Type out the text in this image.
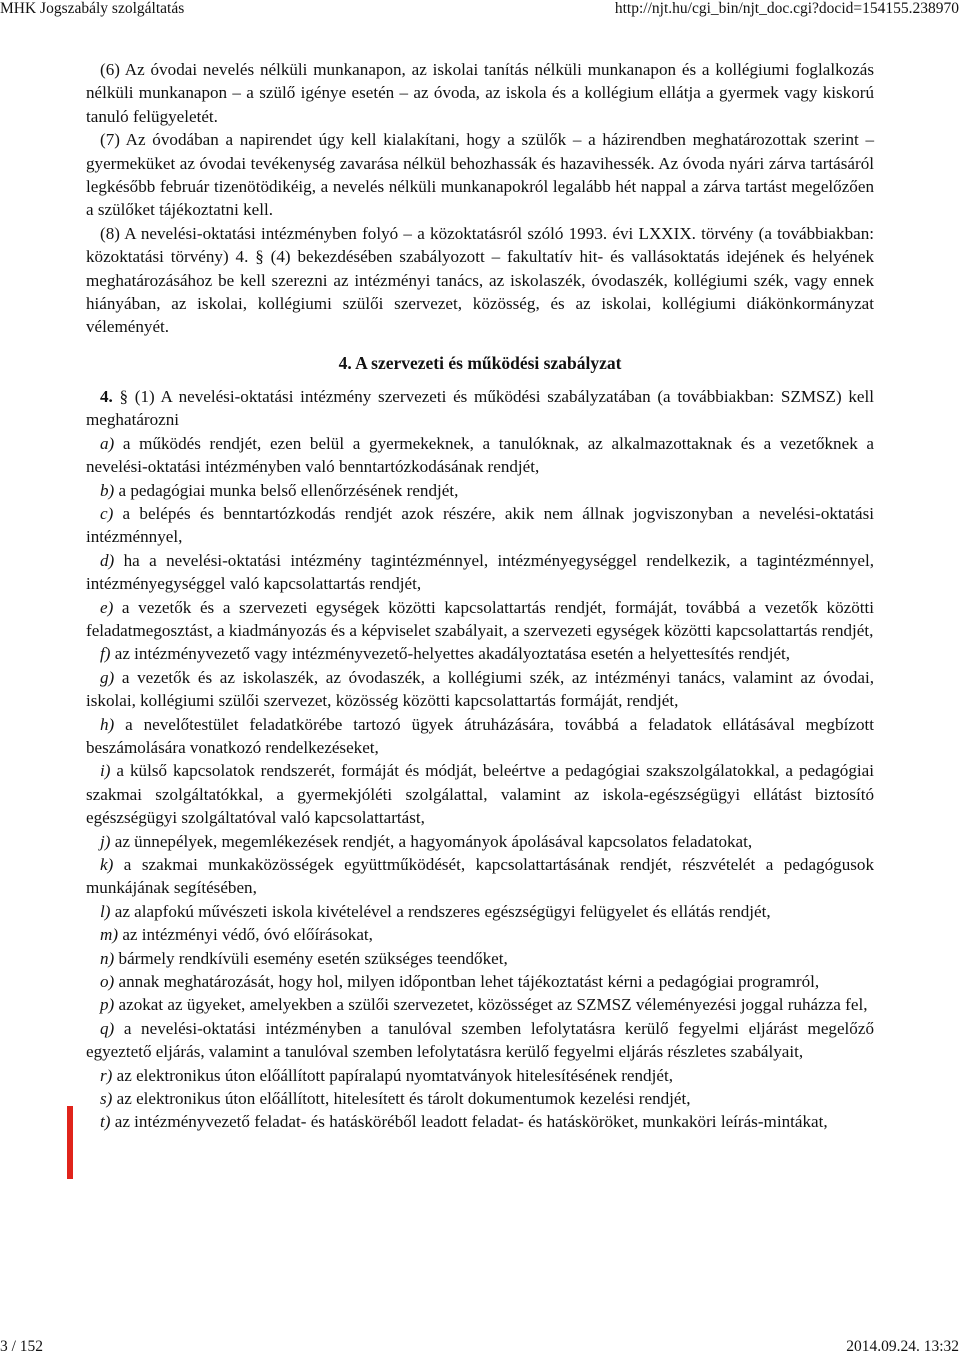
MHK Jogszabály szolgáltatás	http://njt.hu/cgi_bin/njt_doc.cgi?docid=154155.238970

(6) Az óvodai nevelés nélküli munkanapon, az iskolai tanítás nélküli munkanapon és a kollégiumi foglalkozás nélküli munkanapon – a szülő igénye esetén – az óvoda, az iskola és a kollégium ellátja a gyermek vagy kiskorú tanuló felügyeletét.

(7) Az óvodában a napirendet úgy kell kialakítani, hogy a szülők – a házirendben meghatározottak szerint – gyermeküket az óvodai tevékenység zavarása nélkül behozhassák és hazavihessék. Az óvoda nyári zárva tartásáról legkésőbb február tizenötödikéig, a nevelés nélküli munkanapokról legalább hét nappal a zárva tartást megelőzően a szülőket tájékoztatni kell.

(8) A nevelési-oktatási intézményben folyó – a közoktatásról szóló 1993. évi LXXIX. törvény (a továbbiakban: közoktatási törvény) 4. § (4) bekezdésében szabályozott – fakultatív hit- és vallásoktatás idejének és helyének meghatározásához be kell szerezni az intézményi tanács, az iskolaszék, óvodaszék, kollégiumi szék, vagy ennek hiányában, az iskolai, kollégiumi szülői szervezet, közösség, és az iskolai, kollégiumi diákönkormányzat véleményét.

4. A szervezeti és működési szabályzat

4. § (1) A nevelési-oktatási intézmény szervezeti és működési szabályzatában (a továbbiakban: SZMSZ) kell meghatározni

a) a működés rendjét, ezen belül a gyermekeknek, a tanulóknak, az alkalmazottaknak és a vezetőknek a nevelési-oktatási intézményben való benntartózkodásának rendjét,

b) a pedagógiai munka belső ellenőrzésének rendjét,

c) a belépés és benntartózkodás rendjét azok részére, akik nem állnak jogviszonyban a nevelési-oktatási intézménnyel,

d) ha a nevelési-oktatási intézmény tagintézménnyel, intézményegységgel rendelkezik, a tagintézménnyel, intézményegységgel való kapcsolattartás rendjét,

e) a vezetők és a szervezeti egységek közötti kapcsolattartás rendjét, formáját, továbbá a vezetők közötti feladatmegosztást, a kiadmányozás és a képviselet szabályait, a szervezeti egységek közötti kapcsolattartás rendjét,

f) az intézményvezető vagy intézményvezető-helyettes akadályoztatása esetén a helyettesítés rendjét,

g) a vezetők és az iskolaszék, az óvodaszék, a kollégiumi szék, az intézményi tanács, valamint az óvodai, iskolai, kollégiumi szülői szervezet, közösség közötti kapcsolattartás formáját, rendjét,

h) a nevelőtestület feladatkörébe tartozó ügyek átruházására, továbbá a feladatok ellátásával megbízott beszámolására vonatkozó rendelkezéseket,

i) a külső kapcsolatok rendszerét, formáját és módját, beleértve a pedagógiai szakszolgálatokkal, a pedagógiai szakmai szolgáltatókkal, a gyermekjóléti szolgálattal, valamint az iskola-egészségügyi ellátást biztosító egészségügyi szolgáltatóval való kapcsolattartást,

j) az ünnepélyek, megemlékezések rendjét, a hagyományok ápolásával kapcsolatos feladatokat,

k) a szakmai munkaközösségek együttműködését, kapcsolattartásának rendjét, részvételét a pedagógusok munkájának segítésében,

l) az alapfokú művészeti iskola kivételével a rendszeres egészségügyi felügyelet és ellátás rendjét,

m) az intézményi védő, óvó előírásokat,

n) bármely rendkívüli esemény esetén szükséges teendőket,

o) annak meghatározását, hogy hol, milyen időpontban lehet tájékoztatást kérni a pedagógiai programról,

p) azokat az ügyeket, amelyekben a szülői szervezetet, közösséget az SZMSZ véleményezési joggal ruházza fel,

q) a nevelési-oktatási intézményben a tanulóval szemben lefolytatásra kerülő fegyelmi eljárást megelőző egyeztető eljárás, valamint a tanulóval szemben lefolytatásra kerülő fegyelmi eljárás részletes szabályait,

r) az elektronikus úton előállított papíralapú nyomtatványok hitelesítésének rendjét,

s) az elektronikus úton előállított, hitelesített és tárolt dokumentumok kezelési rendjét,

t) az intézményvezető feladat- és hatásköréből leadott feladat- és hatásköröket, munkaköri leírás-mintákat,

3 / 152	2014.09.24. 13:32
